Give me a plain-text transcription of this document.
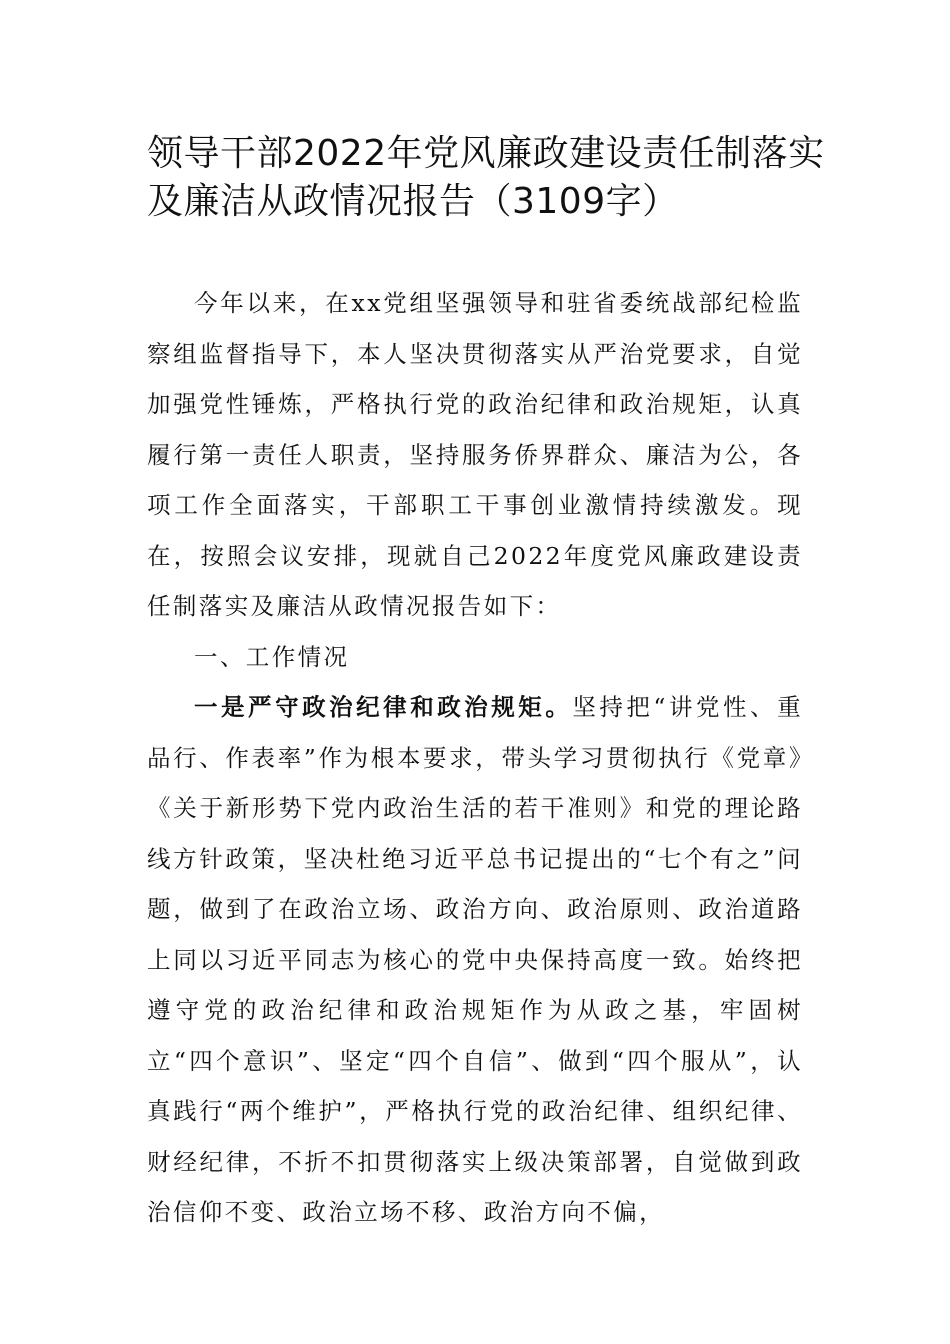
领导干部2022年党风廉政建设责任制落实及廉洁从政情况报告（3109字）

今年以来，在xx党组坚强领导和驻省委统战部纪检监察组监督指导下，本人坚决贯彻落实从严治党要求，自觉加强党性锤炼，严格执行党的政治纪律和政治规矩，认真履行第一责任人职责，坚持服务侨界群众、廉洁为公，各项工作全面落实，干部职工干事创业激情持续激发。现在，按照会议安排，现就自己2022年度党风廉政建设责任制落实及廉洁从政情况报告如下：

一、工作情况

一是严守政治纪律和政治规矩。坚持把“讲党性、重品行、作表率”作为根本要求，带头学习贯彻执行《党章》《关于新形势下党内政治生活的若干准则》和党的理论路线方针政策，坚决杜绝习近平总书记提出的“七个有之”问题，做到了在政治立场、政治方向、政治原则、政治道路上同以习近平同志为核心的党中央保持高度一致。始终把遵守党的政治纪律和政治规矩作为从政之基，牢固树立“四个意识”、坚定“四个自信”、做到“四个服从”，认真践行“两个维护”，严格执行党的政治纪律、组织纪律、财经纪律，不折不扣贯彻落实上级决策部署，自觉做到政治信仰不变、政治立场不移、政治方向不偏，
